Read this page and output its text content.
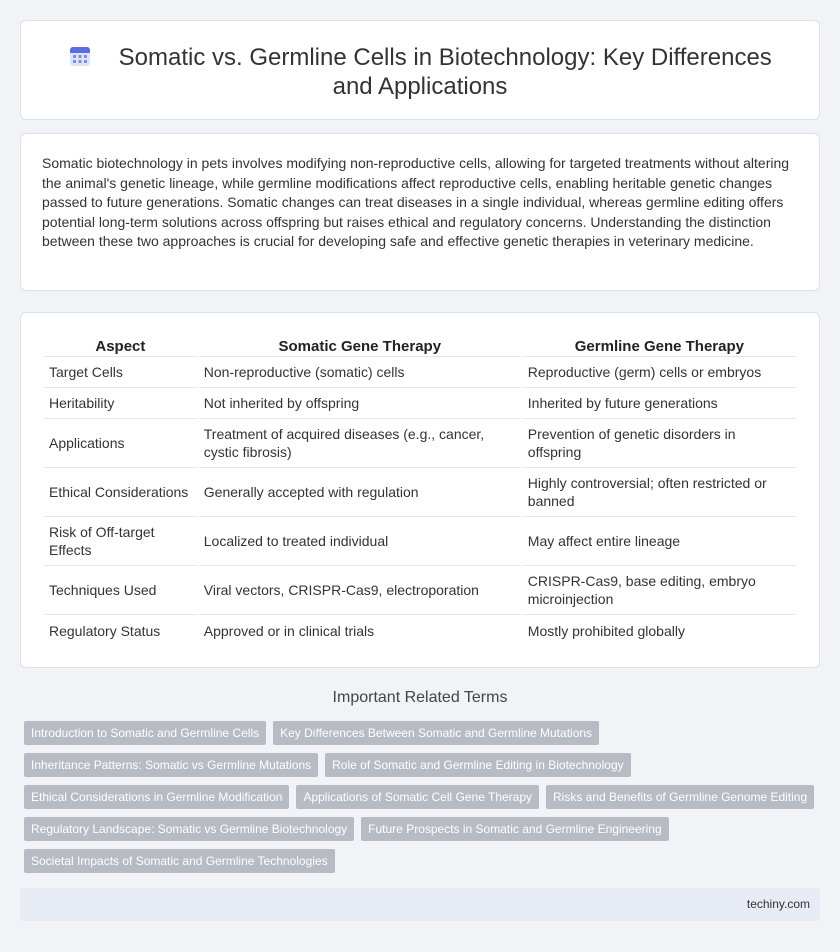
Somatic vs. Germline Cells in Biotechnology: Key Differences and Applications

Somatic biotechnology in pets involves modifying non-reproductive cells, allowing for targeted treatments without altering the animal's genetic lineage, while germline modifications affect reproductive cells, enabling heritable genetic changes passed to future generations. Somatic changes can treat diseases in a single individual, whereas germline editing offers potential long-term solutions across offspring but raises ethical and regulatory concerns. Understanding the distinction between these two approaches is crucial for developing safe and effective genetic therapies in veterinary medicine.

Aspect	Somatic Gene Therapy	Germline Gene Therapy
Target Cells	Non-reproductive (somatic) cells	Reproductive (germ) cells or embryos
Heritability	Not inherited by offspring	Inherited by future generations
Applications	Treatment of acquired diseases (e.g., cancer, cystic fibrosis)	Prevention of genetic disorders in offspring
Ethical Considerations	Generally accepted with regulation	Highly controversial; often restricted or banned
Risk of Off-target Effects	Localized to treated individual	May affect entire lineage
Techniques Used	Viral vectors, CRISPR-Cas9, electroporation	CRISPR-Cas9, base editing, embryo microinjection
Regulatory Status	Approved or in clinical trials	Mostly prohibited globally
Important Related Terms
Introduction to Somatic and Germline Cells	Key Differences Between Somatic and Germline Mutations
Inheritance Patterns: Somatic vs Germline Mutations	Role of Somatic and Germline Editing in Biotechnology
Ethical Considerations in Germline Modification	Applications of Somatic Cell Gene Therapy	Risks and Benefits of Germline Genome Editing
Regulatory Landscape: Somatic vs Germline Biotechnology	Future Prospects in Somatic and Germline Engineering
Societal Impacts of Somatic and Germline Technologies
techiny.com
